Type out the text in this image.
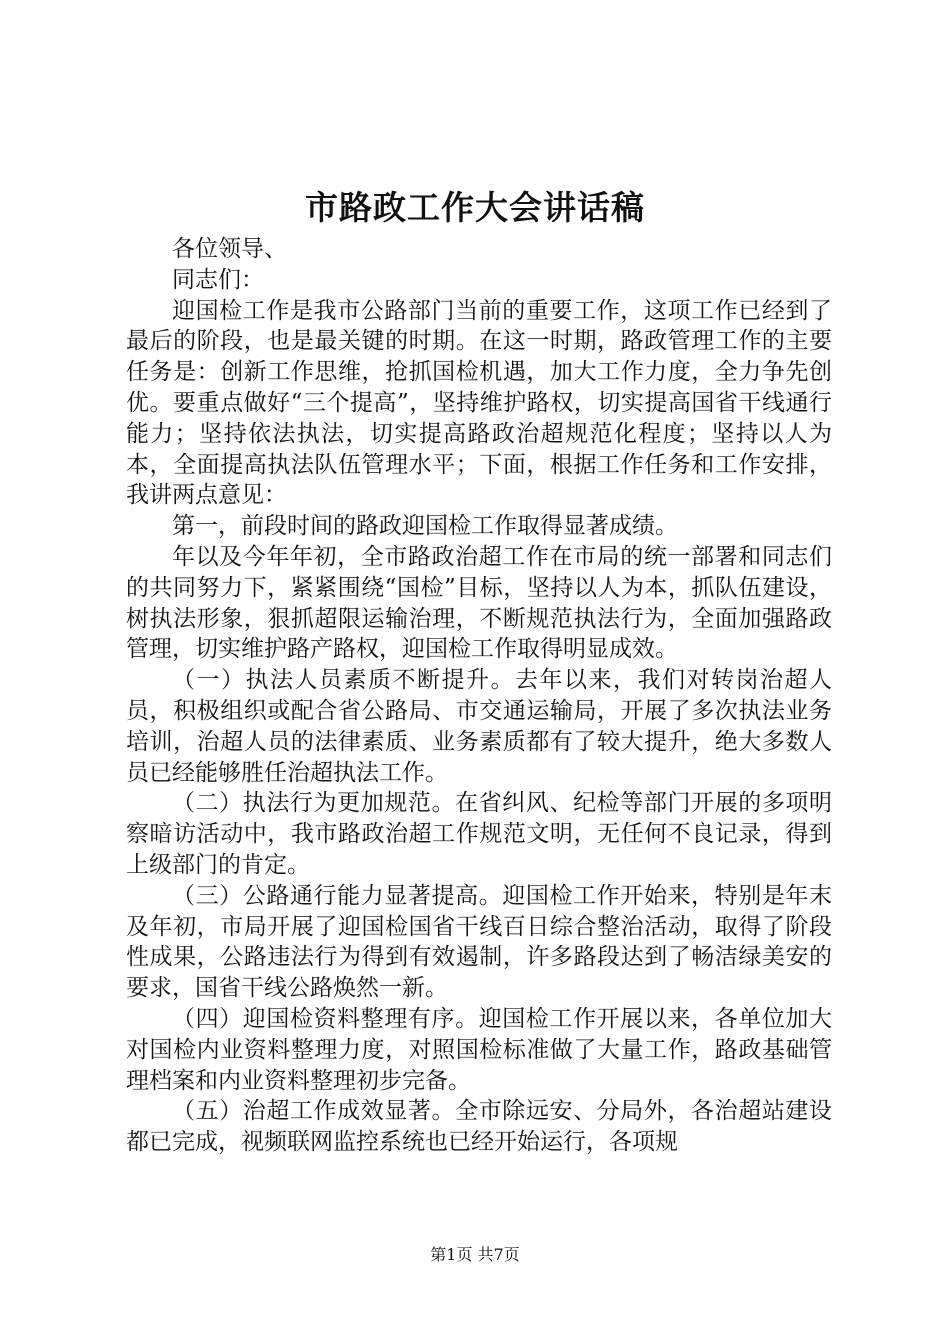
市路政工作大会讲话稿

各位领导、

同志们：

迎国检工作是我市公路部门当前的重要工作，这项工作已经到了最后的阶段，也是最关键的时期。在这一时期，路政管理工作的主要任务是：创新工作思维，抢抓国检机遇，加大工作力度，全力争先创优。要重点做好“三个提高”，坚持维护路权，切实提高国省干线通行能力；坚持依法执法，切实提高路政治超规范化程度；坚持以人为本，全面提高执法队伍管理水平；下面，根据工作任务和工作安排，我讲两点意见：

第一，前段时间的路政迎国检工作取得显著成绩。

年以及今年年初，全市路政治超工作在市局的统一部署和同志们的共同努力下，紧紧围绕“国检”目标，坚持以人为本，抓队伍建设，树执法形象，狠抓超限运输治理，不断规范执法行为，全面加强路政管理，切实维护路产路权，迎国检工作取得明显成效。

（一）执法人员素质不断提升。去年以来，我们对转岗治超人员，积极组织或配合省公路局、市交通运输局，开展了多次执法业务培训，治超人员的法律素质、业务素质都有了较大提升，绝大多数人员已经能够胜任治超执法工作。

（二）执法行为更加规范。在省纠风、纪检等部门开展的多项明察暗访活动中，我市路政治超工作规范文明，无任何不良记录，得到上级部门的肯定。

（三）公路通行能力显著提高。迎国检工作开始来，特别是年末及年初，市局开展了迎国检国省干线百日综合整治活动，取得了阶段性成果，公路违法行为得到有效遏制，许多路段达到了畅洁绿美安的要求，国省干线公路焕然一新。

（四）迎国检资料整理有序。迎国检工作开展以来，各单位加大对国检内业资料整理力度，对照国检标准做了大量工作，路政基础管理档案和内业资料整理初步完备。

（五）治超工作成效显著。全市除远安、分局外，各治超站建设都已完成，视频联网监控系统也已经开始运行，各项规

第1页 共7页
